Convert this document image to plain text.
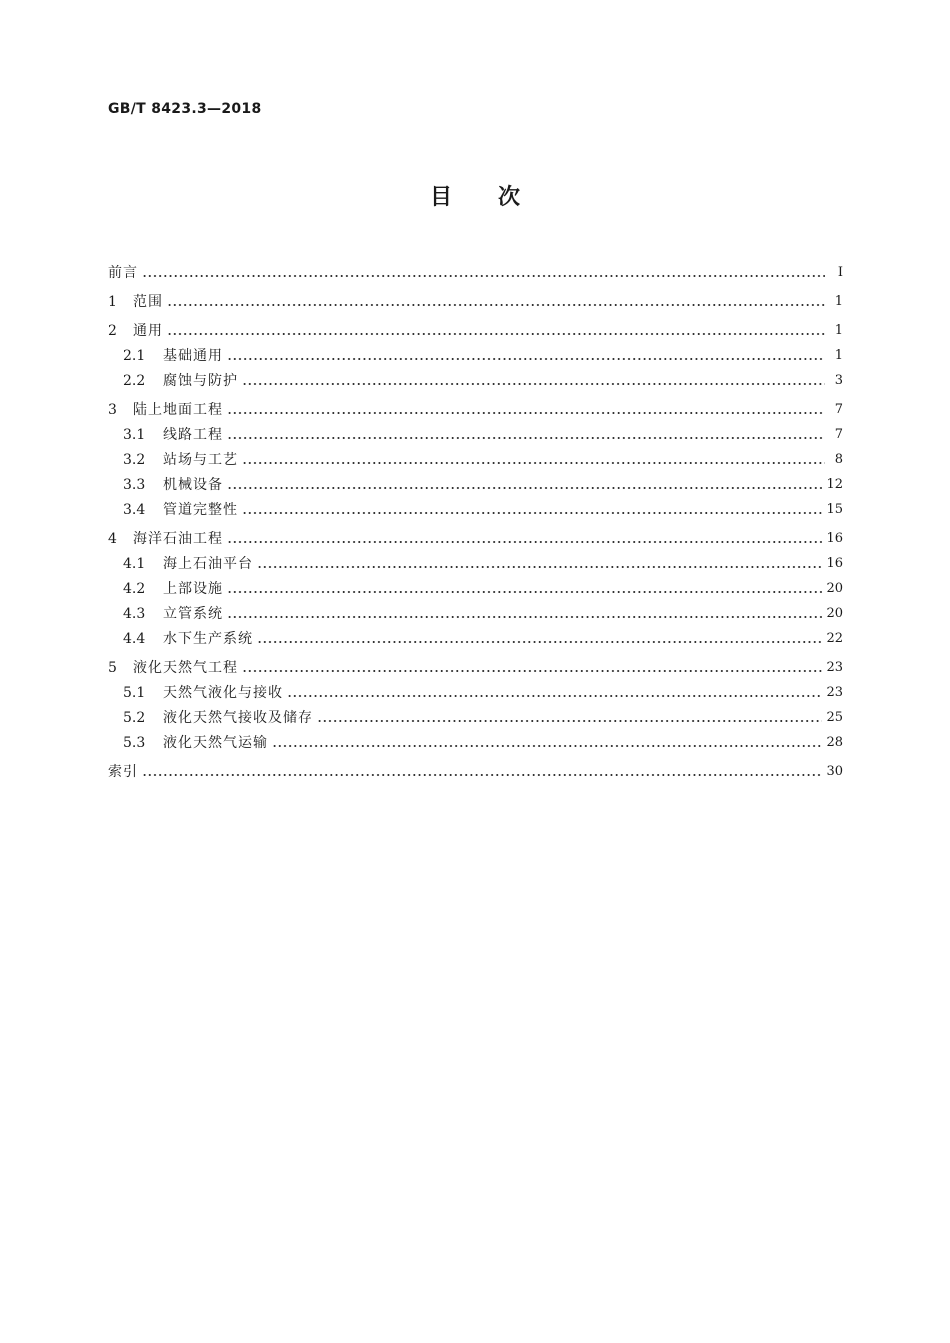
GB/T 8423.3—2018
目次
前言	Ⅰ
1	范围	1
2	通用	1
2.1	基础通用	1
2.2	腐蚀与防护	3
3	陆上地面工程	7
3.1	线路工程	7
3.2	站场与工艺	8
3.3	机械设备	12
3.4	管道完整性	15
4	海洋石油工程	16
4.1	海上石油平台	16
4.2	上部设施	20
4.3	立管系统	20
4.4	水下生产系统	22
5	液化天然气工程	23
5.1	天然气液化与接收	23
5.2	液化天然气接收及储存	25
5.3	液化天然气运输	28
索引	30
